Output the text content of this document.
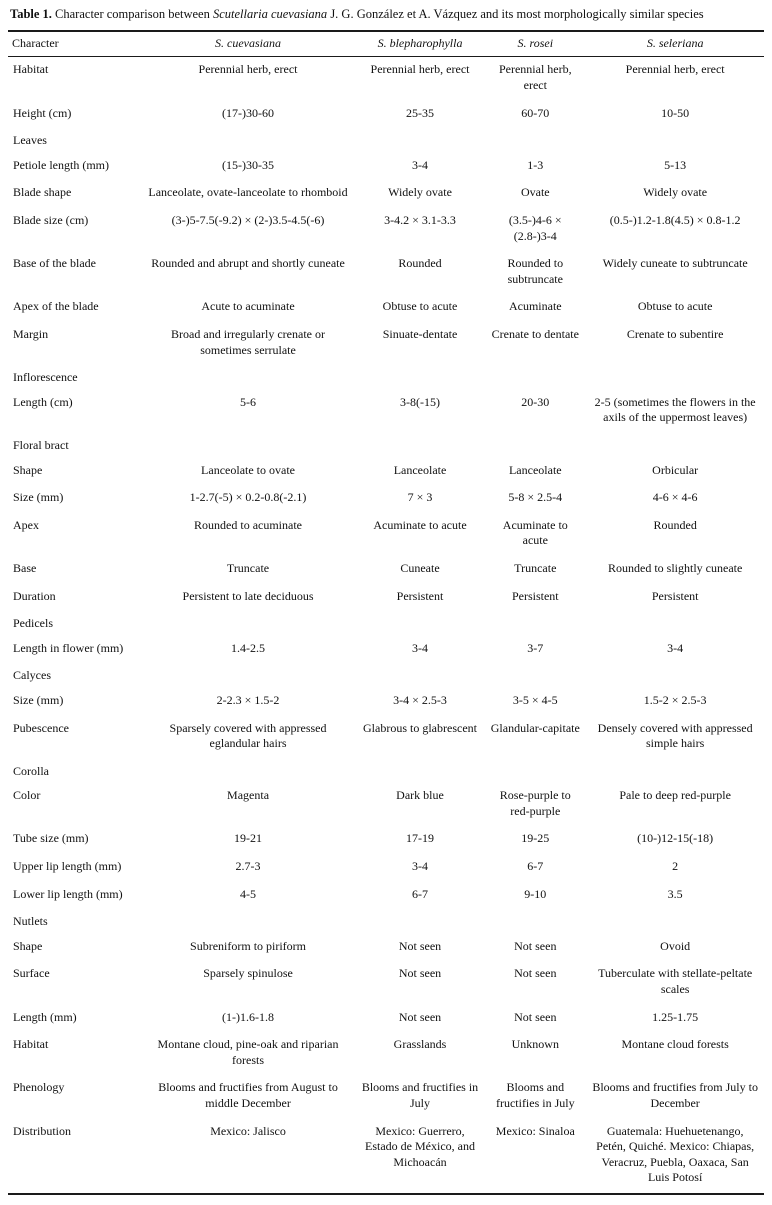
Table 1. Character comparison between Scutellaria cuevasiana J. G. González et A. Vázquez and its most morphologically similar species

Character	S. cuevasiana	S. blepharophylla	S. rosei	S. seleriana
Habitat	Perennial herb, erect	Perennial herb, erect	Perennial herb, erect	Perennial herb, erect
Height (cm)	(17-)30-60	25-35	60-70	10-50
Leaves				
Petiole length (mm)	(15-)30-35	3-4	1-3	5-13
Blade shape	Lanceolate, ovate-lanceolate to rhomboid	Widely ovate	Ovate	Widely ovate
Blade size (cm)	(3-)5-7.5(-9.2) × (2-)3.5-4.5(-6)	3-4.2 × 3.1-3.3	(3.5-)4-6 × (2.8-)3-4	(0.5-)1.2-1.8(4.5) × 0.8-1.2
Base of the blade	Rounded and abrupt and shortly cuneate	Rounded	Rounded to subtruncate	Widely cuneate to subtruncate
Apex of the blade	Acute to acuminate	Obtuse to acute	Acuminate	Obtuse to acute
Margin	Broad and irregularly crenate or sometimes serrulate	Sinuate-dentate	Crenate to dentate	Crenate to subentire
Inflorescence				
Length (cm)	5-6	3-8(-15)	20-30	2-5 (sometimes the flowers in the axils of the uppermost leaves)
Floral bract				
Shape	Lanceolate to ovate	Lanceolate	Lanceolate	Orbicular
Size (mm)	1-2.7(-5) × 0.2-0.8(-2.1)	7 × 3	5-8 × 2.5-4	4-6 × 4-6
Apex	Rounded to acuminate	Acuminate to acute	Acuminate to acute	Rounded
Base	Truncate	Cuneate	Truncate	Rounded to slightly cuneate
Duration	Persistent to late deciduous	Persistent	Persistent	Persistent
Pedicels				
Length in flower (mm)	1.4-2.5	3-4	3-7	3-4
Calyces				
Size (mm)	2-2.3 × 1.5-2	3-4 × 2.5-3	3-5 × 4-5	1.5-2 × 2.5-3
Pubescence	Sparsely covered with appressed eglandular hairs	Glabrous to glabrescent	Glandular-capitate	Densely covered with appressed simple hairs
Corolla				
Color	Magenta	Dark blue	Rose-purple to red-purple	Pale to deep red-purple
Tube size (mm)	19-21	17-19	19-25	(10-)12-15(-18)
Upper lip length (mm)	2.7-3	3-4	6-7	2
Lower lip length (mm)	4-5	6-7	9-10	3.5
Nutlets				
Shape	Subreniform to piriform	Not seen	Not seen	Ovoid
Surface	Sparsely spinulose	Not seen	Not seen	Tuberculate with stellate-peltate scales
Length (mm)	(1-)1.6-1.8	Not seen	Not seen	1.25-1.75
Habitat	Montane cloud, pine-oak and riparian forests	Grasslands	Unknown	Montane cloud forests
Phenology	Blooms and fructifies from August to middle December	Blooms and fructifies in July	Blooms and fructifies in July	Blooms and fructifies from July to December
Distribution	Mexico: Jalisco	Mexico: Guerrero, Estado de México, and Michoacán	Mexico: Sinaloa	Guatemala: Huehuetenango, Petén, Quiché. Mexico: Chiapas, Veracruz, Puebla, Oaxaca, San Luis Potosí
